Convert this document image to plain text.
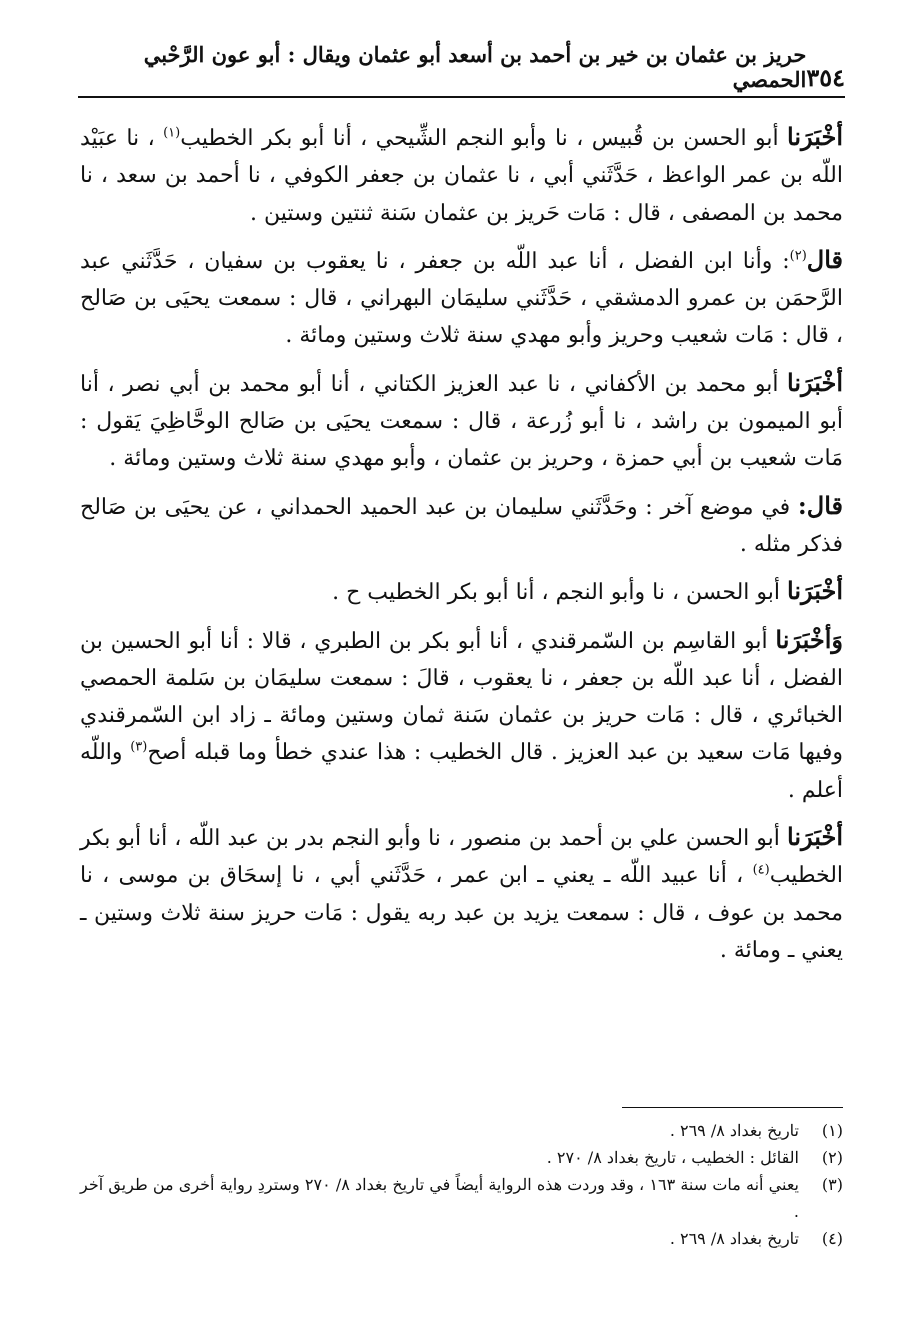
٣٥٤
حريز بن عثمان بن خير بن أحمد بن أسعد أبو عثمان ويقال : أبو عون الرَّحْبي الحمصي

أخْبَرَنا أبو الحسن بن قُبيس ، نا وأبو النجم الشِّيحي ، أنا أبو بكر الخطيب$^{(١)}$ ، نا عبَيْد اللّه بن عمر الواعظ ، حَدَّثَني أبي ، نا عثمان بن جعفر الكوفي ، نا أحمد بن سعد ، نا محمد بن المصفى ، قال : مَات حَريز بن عثمان سَنة ثنتين وستين .

قال$^{(٢)}$: وأنا ابن الفضل ، أنا عبد اللّه بن جعفر ، نا يعقوب بن سفيان ، حَدَّثَني عبد الرَّحمَن بن عمرو الدمشقي ، حَدَّثَني سليمَان البهراني ، قال : سمعت يحيَى بن صَالح ، قال : مَات شعيب وحريز وأبو مهدي سنة ثلاث وستين ومائة .

أخْبَرَنا أبو محمد بن الأكفاني ، نا عبد العزيز الكتاني ، أنا أبو محمد بن أبي نصر ، أنا أبو الميمون بن راشد ، نا أبو زُرعة ، قال : سمعت يحيَى بن صَالح الوحَّاظِيَ يَقول : مَات شعيب بن أبي حمزة ، وحريز بن عثمان ، وأبو مهدي سنة ثلاث وستين ومائة .

قال: في موضع آخر : وحَدَّثَني سليمان بن عبد الحميد الحمداني ، عن يحيَى بن صَالح فذكر مثله .

أخْبَرَنا أبو الحسن ، نا وأبو النجم ، أنا أبو بكر الخطيب ح .

وَأخْبَرَنا أبو القاسِم بن السّمرقندي ، أنا أبو بكر بن الطبري ، قالا : أنا أبو الحسين بن الفضل ، أنا عبد اللّه بن جعفر ، نا يعقوب ، قالَ : سمعت سليمَان بن سَلمة الحمصي الخبائري ، قال : مَات حريز بن عثمان سَنة ثمان وستين ومائة ـ زاد ابن السّمرقندي وفيها مَات سعيد بن عبد العزيز . قال الخطيب : هذا عندي خطأ وما قبله أصح$^{(٣)}$ واللّه أعلم .

أخْبَرَنا أبو الحسن علي بن أحمد بن منصور ، نا وأبو النجم بدر بن عبد اللّه ، أنا أبو بكر الخطيب$^{(٤)}$ ، أنا عبيد اللّه ـ يعني ـ ابن عمر ، حَدَّثَني أبي ، نا إسحَاق بن موسى ، نا محمد بن عوف ، قال : سمعت يزيد بن عبد ربه يقول : مَات حريز سنة ثلاث وستين ـ يعني ـ ومائة .

(١)
تاريخ بغداد ٨/ ٢٦٩ .
(٢)
القائل : الخطيب ، تاريخ بغداد ٨/ ٢٧٠ .
(٣)
يعني أنه مات سنة ١٦٣ ، وقد وردت هذه الرواية أيضاً في تاريخ بغداد ٨/ ٢٧٠ وستردِ رواية أخرى من طريق آخر .
(٤)
تاريخ بغداد ٨/ ٢٦٩ .
